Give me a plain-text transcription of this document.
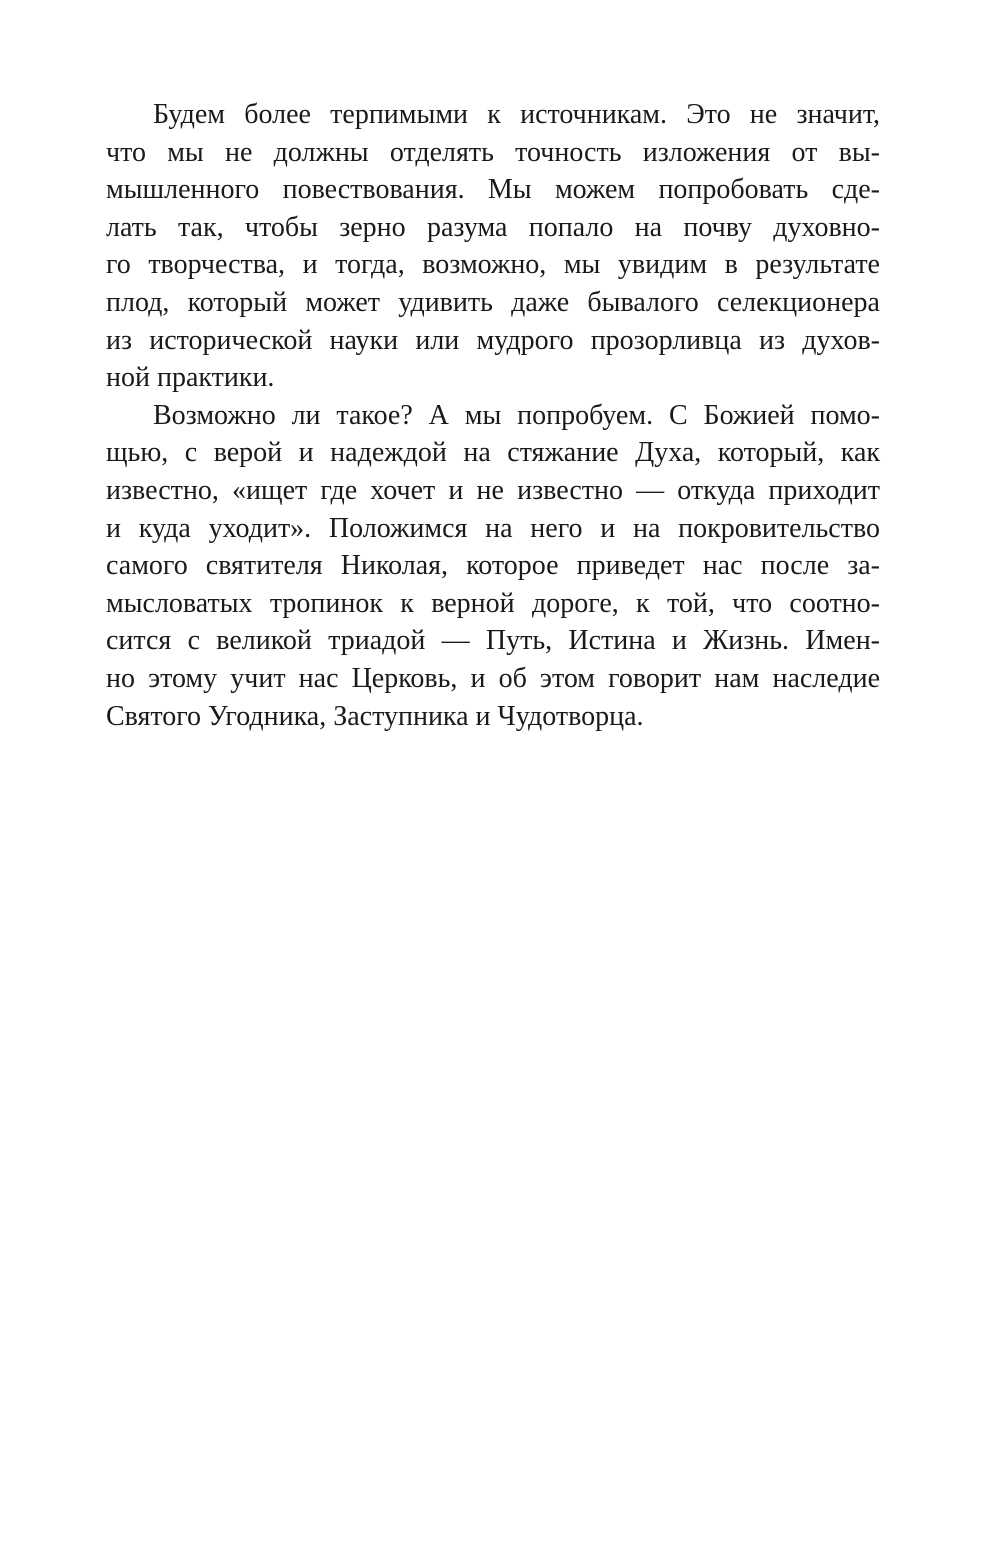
Будем более терпимыми к источникам. Это не значит,
что мы не должны отделять точность изложения от вы-
мышленного повествования. Мы можем попробовать сде-
лать так, чтобы зерно разума попало на почву духовно-
го творчества, и тогда, возможно, мы увидим в результате
плод, который может удивить даже бывалого селекционера
из исторической науки или мудрого прозорливца из духов-
ной практики.

Возможно ли такое? А мы попробуем. С Божией помо-
щью, с верой и надеждой на стяжание Духа, который, как
известно, «ищет где хочет и не известно — откуда приходит
и куда уходит». Положимся на него и на покровительство
самого святителя Николая, которое приведет нас после за-
мысловатых тропинок к верной дороге, к той, что соотно-
сится с великой триадой — Путь, Истина и Жизнь. Имен-
но этому учит нас Церковь, и об этом говорит нам наследие
Святого Угодника, Заступника и Чудотворца.
